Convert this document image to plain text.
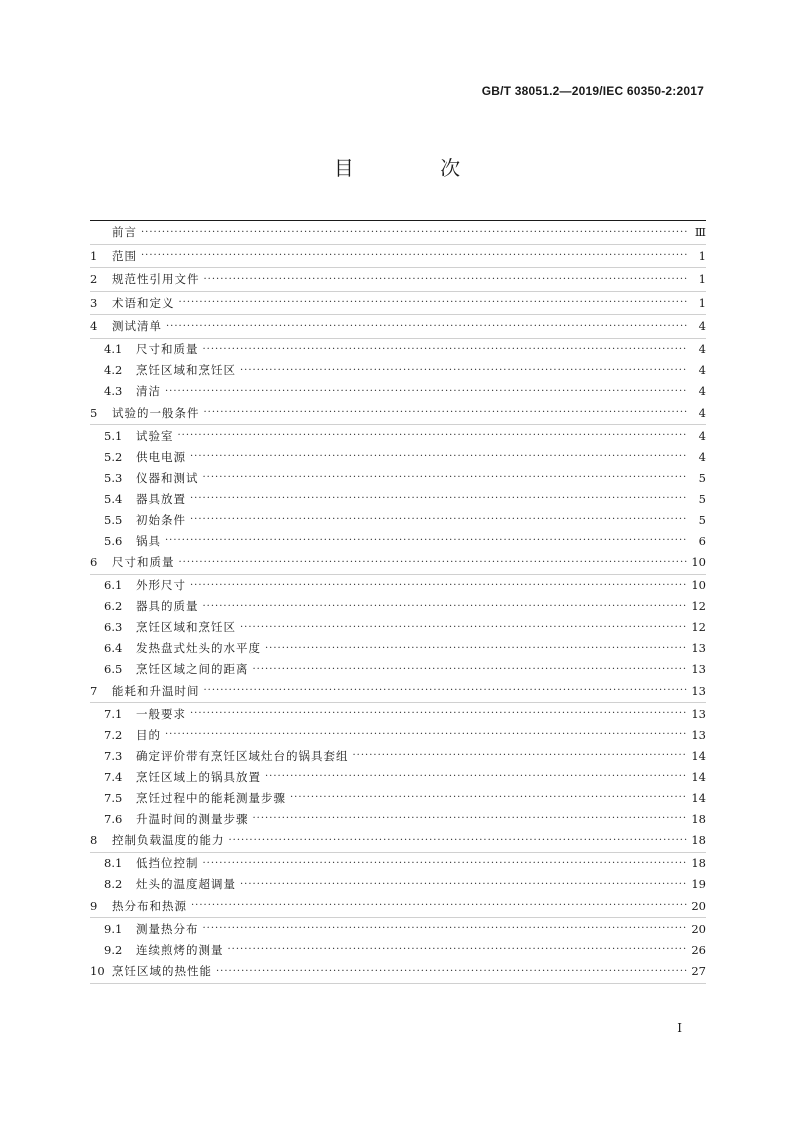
GB/T 38051.2—2019/IEC 60350-2:2017
目 次
前言 ·····	Ⅲ
1	范围 ·····	1
2	规范性引用文件 ·····	1
3	术语和定义 ·····	1
4	测试清单 ·····	4
4.1	尺寸和质量 ·····	4
4.2	烹饪区域和烹饪区 ·····	4
4.3	清洁 ·····	4
5	试验的一般条件 ·····	4
5.1	试验室 ·····	4
5.2	供电电源 ·····	4
5.3	仪器和测试 ·····	5
5.4	器具放置 ·····	5
5.5	初始条件 ·····	5
5.6	锅具 ·····	6
6	尺寸和质量 ·····	10
6.1	外形尺寸 ·····	10
6.2	器具的质量 ·····	12
6.3	烹饪区域和烹饪区 ·····	12
6.4	发热盘式灶头的水平度 ·····	13
6.5	烹饪区域之间的距离 ·····	13
7	能耗和升温时间 ·····	13
7.1	一般要求 ·····	13
7.2	目的 ·····	13
7.3	确定评价带有烹饪区域灶台的锅具套组 ·····	14
7.4	烹饪区域上的锅具放置 ·····	14
7.5	烹饪过程中的能耗测量步骤 ·····	14
7.6	升温时间的测量步骤 ·····	18
8	控制负载温度的能力 ·····	18
8.1	低挡位控制 ·····	18
8.2	灶头的温度超调量 ·····	19
9	热分布和热源 ·····	20
9.1	测量热分布 ·····	20
9.2	连续煎烤的测量 ·····	26
10 烹饪区域的热性能 ·····	27
I
